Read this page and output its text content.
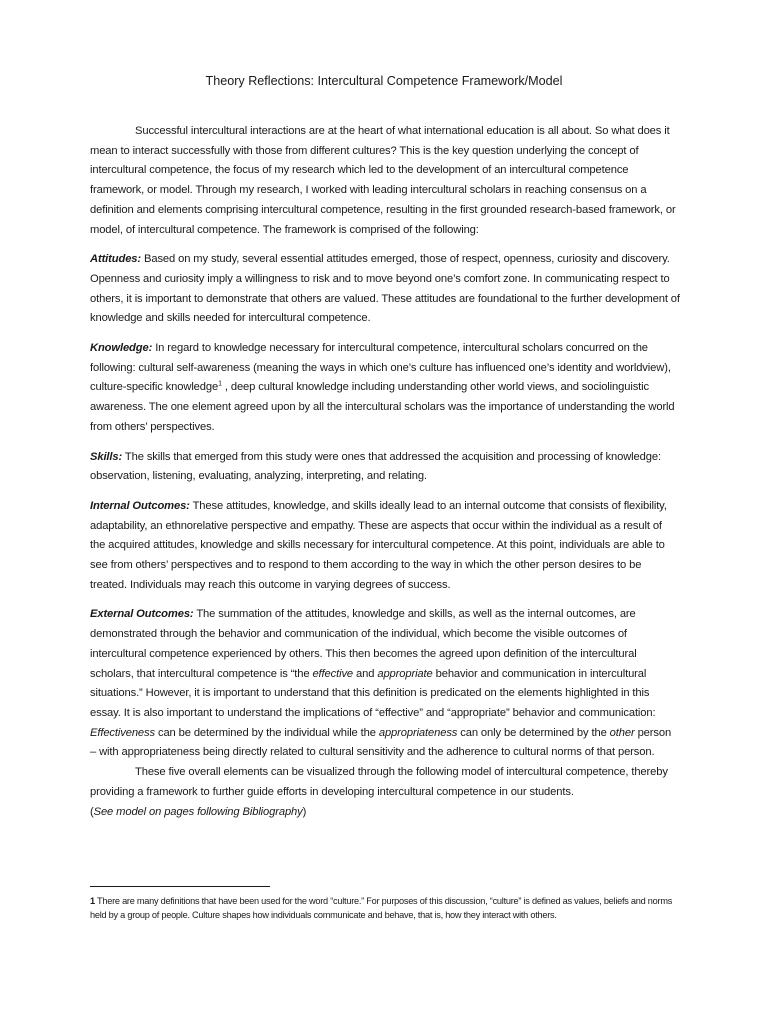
Theory Reflections: Intercultural Competence Framework/Model

Successful intercultural interactions are at the heart of what international education is all about. So what does it mean to interact successfully with those from different cultures? This is the key question underlying the concept of intercultural competence, the focus of my research which led to the development of an intercultural competence framework, or model. Through my research, I worked with leading intercultural scholars in reaching consensus on a definition and elements comprising intercultural competence, resulting in the first grounded research-based framework, or model, of intercultural competence. The framework is comprised of the following:

Attitudes: Based on my study, several essential attitudes emerged, those of respect, openness, curiosity and discovery. Openness and curiosity imply a willingness to risk and to move beyond one’s comfort zone. In communicating respect to others, it is important to demonstrate that others are valued. These attitudes are foundational to the further development of knowledge and skills needed for intercultural competence.

Knowledge: In regard to knowledge necessary for intercultural competence, intercultural scholars concurred on the following: cultural self-awareness (meaning the ways in which one’s culture has influenced one’s identity and worldview), culture-specific knowledge$^1$ , deep cultural knowledge including understanding other world views, and sociolinguistic awareness. The one element agreed upon by all the intercultural scholars was the importance of understanding the world from others’ perspectives.

Skills: The skills that emerged from this study were ones that addressed the acquisition and processing of knowledge: observation, listening, evaluating, analyzing, interpreting, and relating.

Internal Outcomes: These attitudes, knowledge, and skills ideally lead to an internal outcome that consists of flexibility, adaptability, an ethnorelative perspective and empathy. These are aspects that occur within the individual as a result of the acquired attitudes, knowledge and skills necessary for intercultural competence. At this point, individuals are able to see from others’ perspectives and to respond to them according to the way in which the other person desires to be treated. Individuals may reach this outcome in varying degrees of success.

External Outcomes: The summation of the attitudes, knowledge and skills, as well as the internal outcomes, are demonstrated through the behavior and communication of the individual, which become the visible outcomes of intercultural competence experienced by others. This then becomes the agreed upon definition of the intercultural scholars, that intercultural competence is “the effective and appropriate behavior and communication in intercultural situations.” However, it is important to understand that this definition is predicated on the elements highlighted in this essay. It is also important to understand the implications of “effective” and “appropriate” behavior and communication: Effectiveness can be determined by the individual while the appropriateness can only be determined by the other person – with appropriateness being directly related to cultural sensitivity and the adherence to cultural norms of that person.

These five overall elements can be visualized through the following model of intercultural competence, thereby providing a framework to further guide efforts in developing intercultural competence in our students.
(See model on pages following Bibliography)

1 There are many definitions that have been used for the word “culture.” For purposes of this discussion, “culture” is defined as values, beliefs and norms held by a group of people. Culture shapes how individuals communicate and behave, that is, how they interact with others.
